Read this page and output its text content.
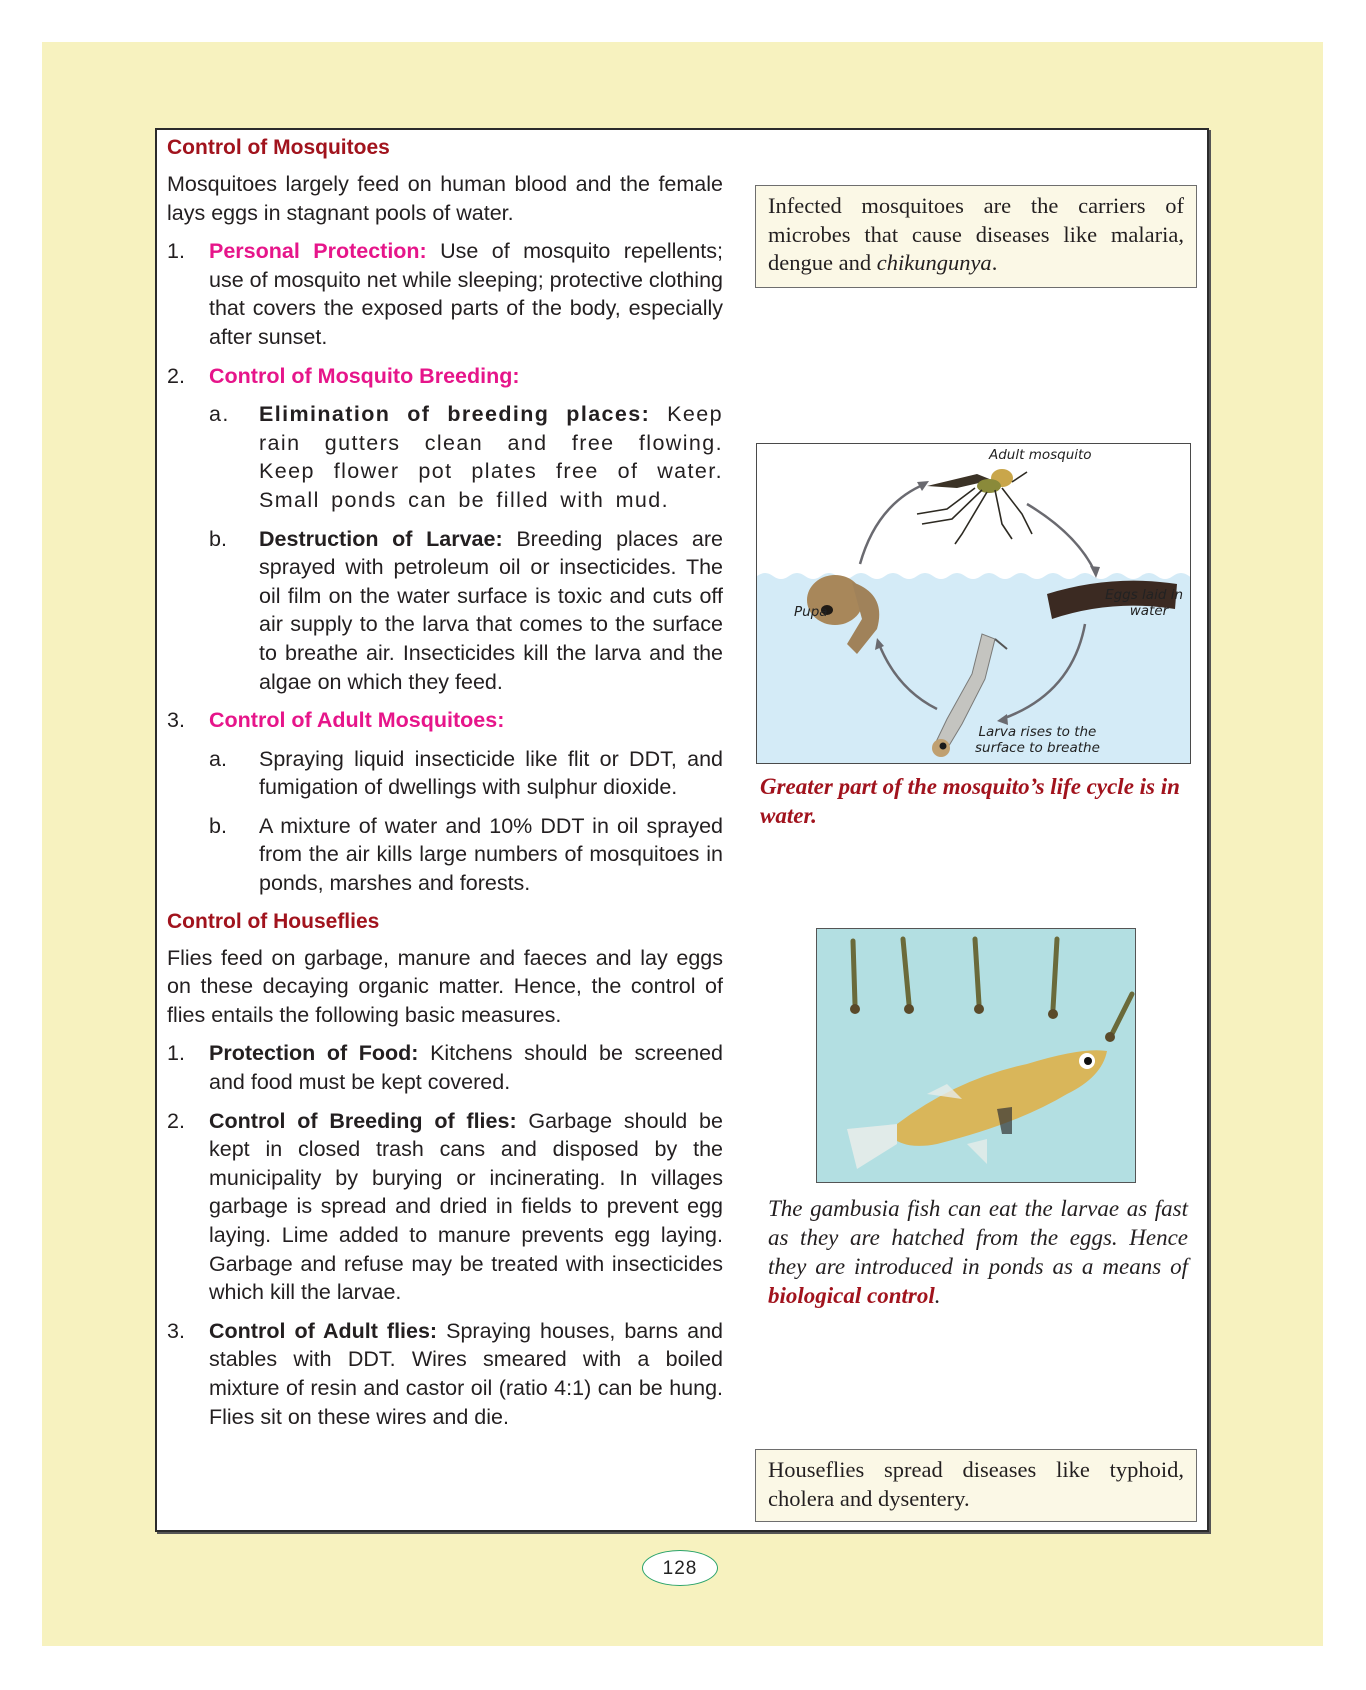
Control of Mosquitoes

Mosquitoes largely feed on human blood and the female lays eggs in stagnant pools of water.

1. Personal Protection: Use of mosquito repellents; use of mosquito net while sleeping; protective clothing that covers the exposed parts of the body, especially after sunset.
2. Control of Mosquito Breeding:
a. Elimination of breeding places: Keep rain gutters clean and free flowing. Keep flower pot plates free of water. Small ponds can be filled with mud.
b. Destruction of Larvae: Breeding places are sprayed with petroleum oil or insecticides. The oil film on the water surface is toxic and cuts off air supply to the larva that comes to the surface to breathe air. Insecticides kill the larva and the algae on which they feed.
3. Control of Adult Mosquitoes:
a. Spraying liquid insecticide like flit or DDT, and fumigation of dwellings with sulphur dioxide.
b. A mixture of water and 10% DDT in oil sprayed from the air kills large numbers of mosquitoes in ponds, marshes and forests.
Control of Houseflies

Flies feed on garbage, manure and faeces and lay eggs on these decaying organic matter. Hence, the control of flies entails the following basic measures.

1. Protection of Food: Kitchens should be screened and food must be kept covered.
2. Control of Breeding of flies: Garbage should be kept in closed trash cans and disposed by the municipality by burying or incinerating. In villages garbage is spread and dried in fields to prevent egg laying. Lime added to manure prevents egg laying. Garbage and refuse may be treated with insecticides which kill the larvae.
3. Control of Adult flies: Spraying houses, barns and stables with DDT. Wires smeared with a boiled mixture of resin and castor oil (ratio 4:1) can be hung. Flies sit on these wires and die.
Infected mosquitoes are the carriers of microbes that cause diseases like malaria, dengue and chikungunya.
Adult mosquito
Eggs laid in
water
Pupa
Larva rises to the
surface to breathe
Greater part of the mosquito’s life cycle is in water.
The gambusia fish can eat the larvae as fast as they are hatched from the eggs. Hence they are introduced in ponds as a means of biological control.
Houseflies spread diseases like typhoid, cholera and dysentery.
128
